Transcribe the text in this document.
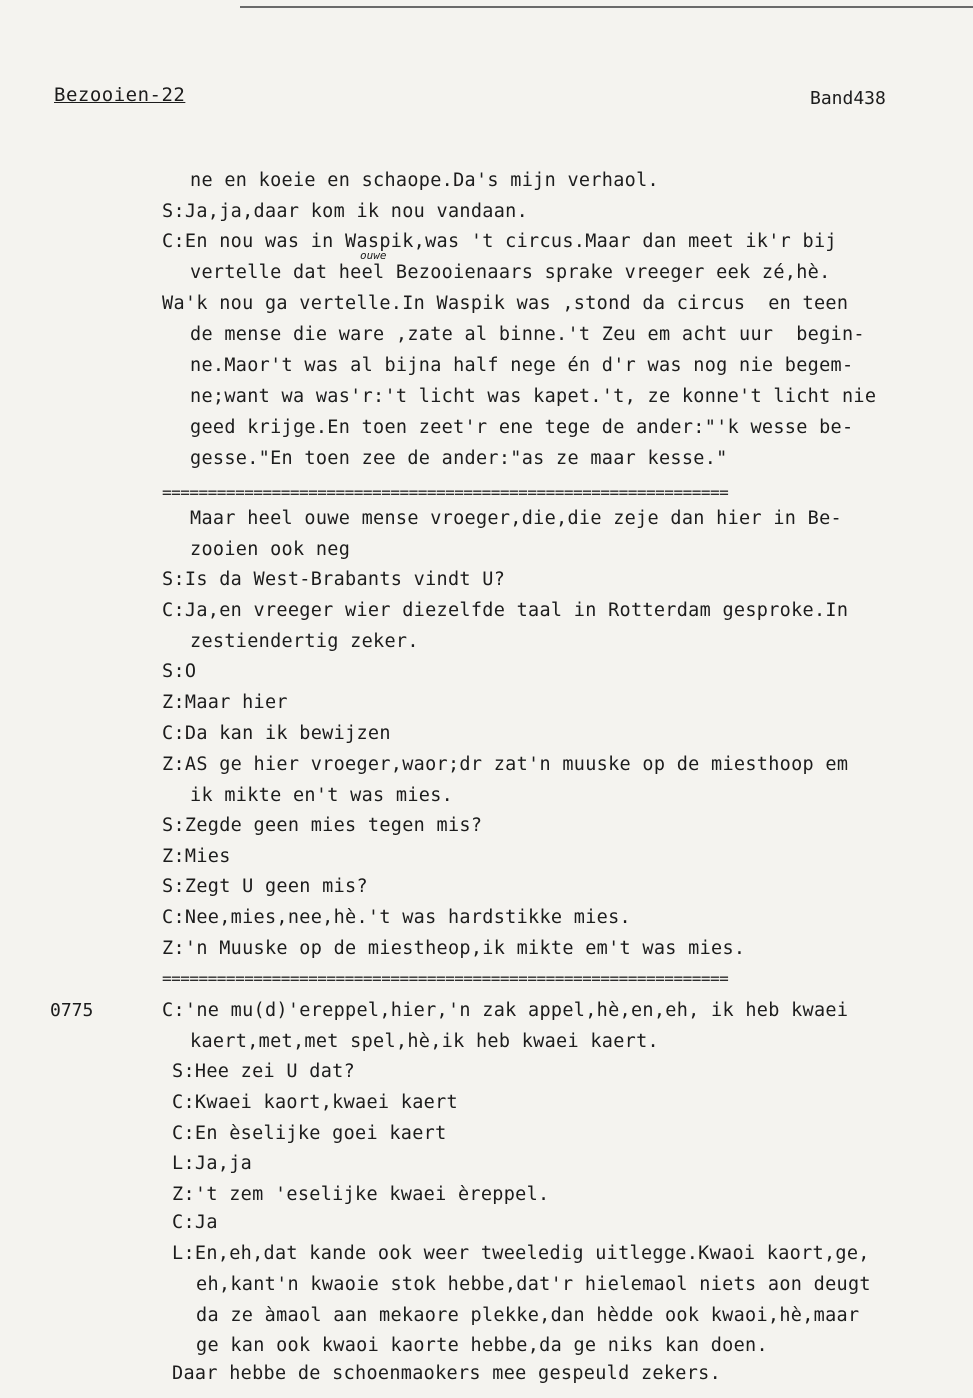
Bezooien-22	Band438
ouwe
0775
ne en koeie en schaope.Da's mijn verhaol.
S:Ja,ja,daar kom ik nou vandaan.
C:En nou was in Waspik,was 't circus.Maar dan meet ik'r bij
vertelle dat heel Bezooienaars sprake vreeger eek zé,hè.
Wa'k nou ga vertelle.In Waspik was ,stond da circus  en teen
de mense die ware ,zate al binne.'t Zeu em acht uur  begin-
ne.Maor't was al bijna half nege én d'r was nog nie begem-
ne;want wa was'r:'t licht was kapet.'t, ze konne't licht nie
geed krijge.En toen zeet'r ene tege de ander:"'k wesse be-
gesse."En toen zee de ander:"as ze maar kesse."
==============================================================
Maar heel ouwe mense vroeger,die,die zeje dan hier in Be-
zooien ook neg
S:Is da West-Brabants vindt U?
C:Ja,en vreeger wier diezelfde taal in Rotterdam gesproke.In
zestiendertig zeker.
S:O
Z:Maar hier
C:Da kan ik bewijzen
Z:AS ge hier vroeger,waor;dr zat'n muuske op de miesthoop em
ik mikte en't was mies.
S:Zegde geen mies tegen mis?
Z:Mies
S:Zegt U geen mis?
C:Nee,mies,nee,hè.'t was hardstikke mies.
Z:'n Muuske op de miestheop,ik mikte em't was mies.
==============================================================
C:'ne mu(d)'ereppel,hier,'n zak appel,hè,en,eh, ik heb kwaei
kaert,met,met spel,hè,ik heb kwaei kaert.
S:Hee zei U dat?
C:Kwaei kaort,kwaei kaert
C:En èselijke goei kaert
L:Ja,ja
Z:'t zem 'eselijke kwaei èreppel.
C:Ja
L:En,eh,dat kande ook weer tweeledig uitlegge.Kwaoi kaort,ge,
eh,kant'n kwaoie stok hebbe,dat'r hielemaol niets aon deugt
da ze àmaol aan mekaore plekke,dan hèdde ook kwaoi,hè,maar
ge kan ook kwaoi kaorte hebbe,da ge niks kan doen.
Daar hebbe de schoenmaokers mee gespeuld zekers.
